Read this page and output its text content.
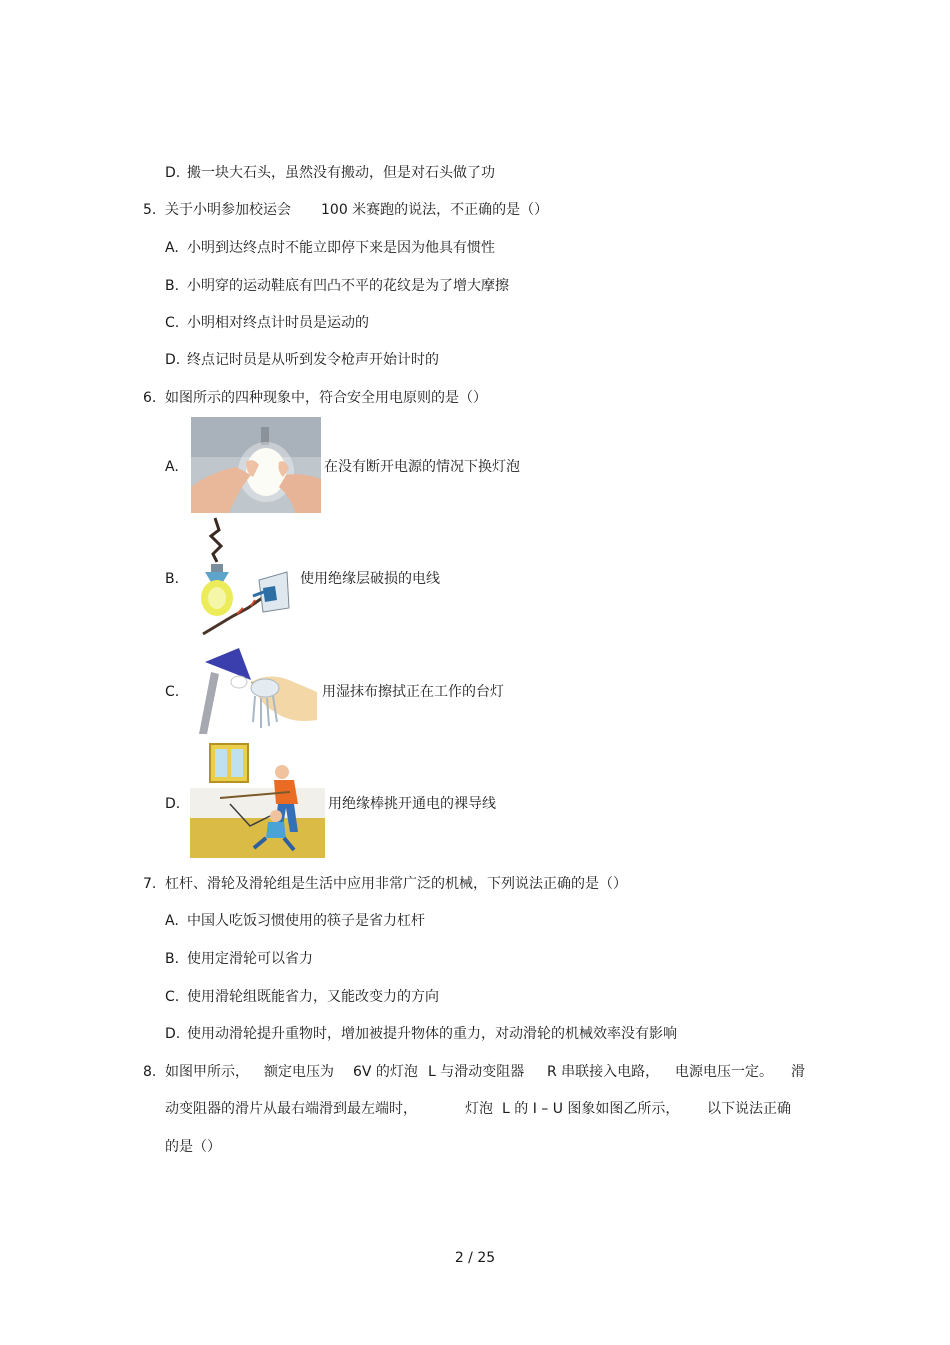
D. 搬一块大石头，虽然没有搬动，但是对石头做了功
5. 关于小明参加校运会 100 米赛跑的说法，不正确的是（）
A. 小明到达终点时不能立即停下来是因为他具有惯性
B. 小明穿的运动鞋底有凹凸不平的花纹是为了增大摩擦
C. 小明相对终点计时员是运动的
D. 终点记时员是从听到发令枪声开始计时的
6. 如图所示的四种现象中，符合安全用电原则的是（）
A.	在没有断开电源的情况下换灯泡
B.	使用绝缘层破损的电线
C.	用湿抹布擦拭正在工作的台灯
D.	用绝缘棒挑开通电的裸导线
7. 杠杆、滑轮及滑轮组是生活中应用非常广泛的机械，下列说法正确的是（）
A. 中国人吃饭习惯使用的筷子是省力杠杆
B. 使用定滑轮可以省力
C. 使用滑轮组既能省力，又能改变力的方向
D. 使用动滑轮提升重物时，增加被提升物体的重力，对动滑轮的机械效率没有影响
8. 如图甲所示， 额定电压为 6V 的灯泡 L 与滑动变阻器 R 串联接入电路， 电源电压一定。 滑
动变阻器的滑片从最右端滑到最左端时，	灯泡 L 的 I – U 图象如图乙所示， 以下说法正确
的是（）
2 / 25
